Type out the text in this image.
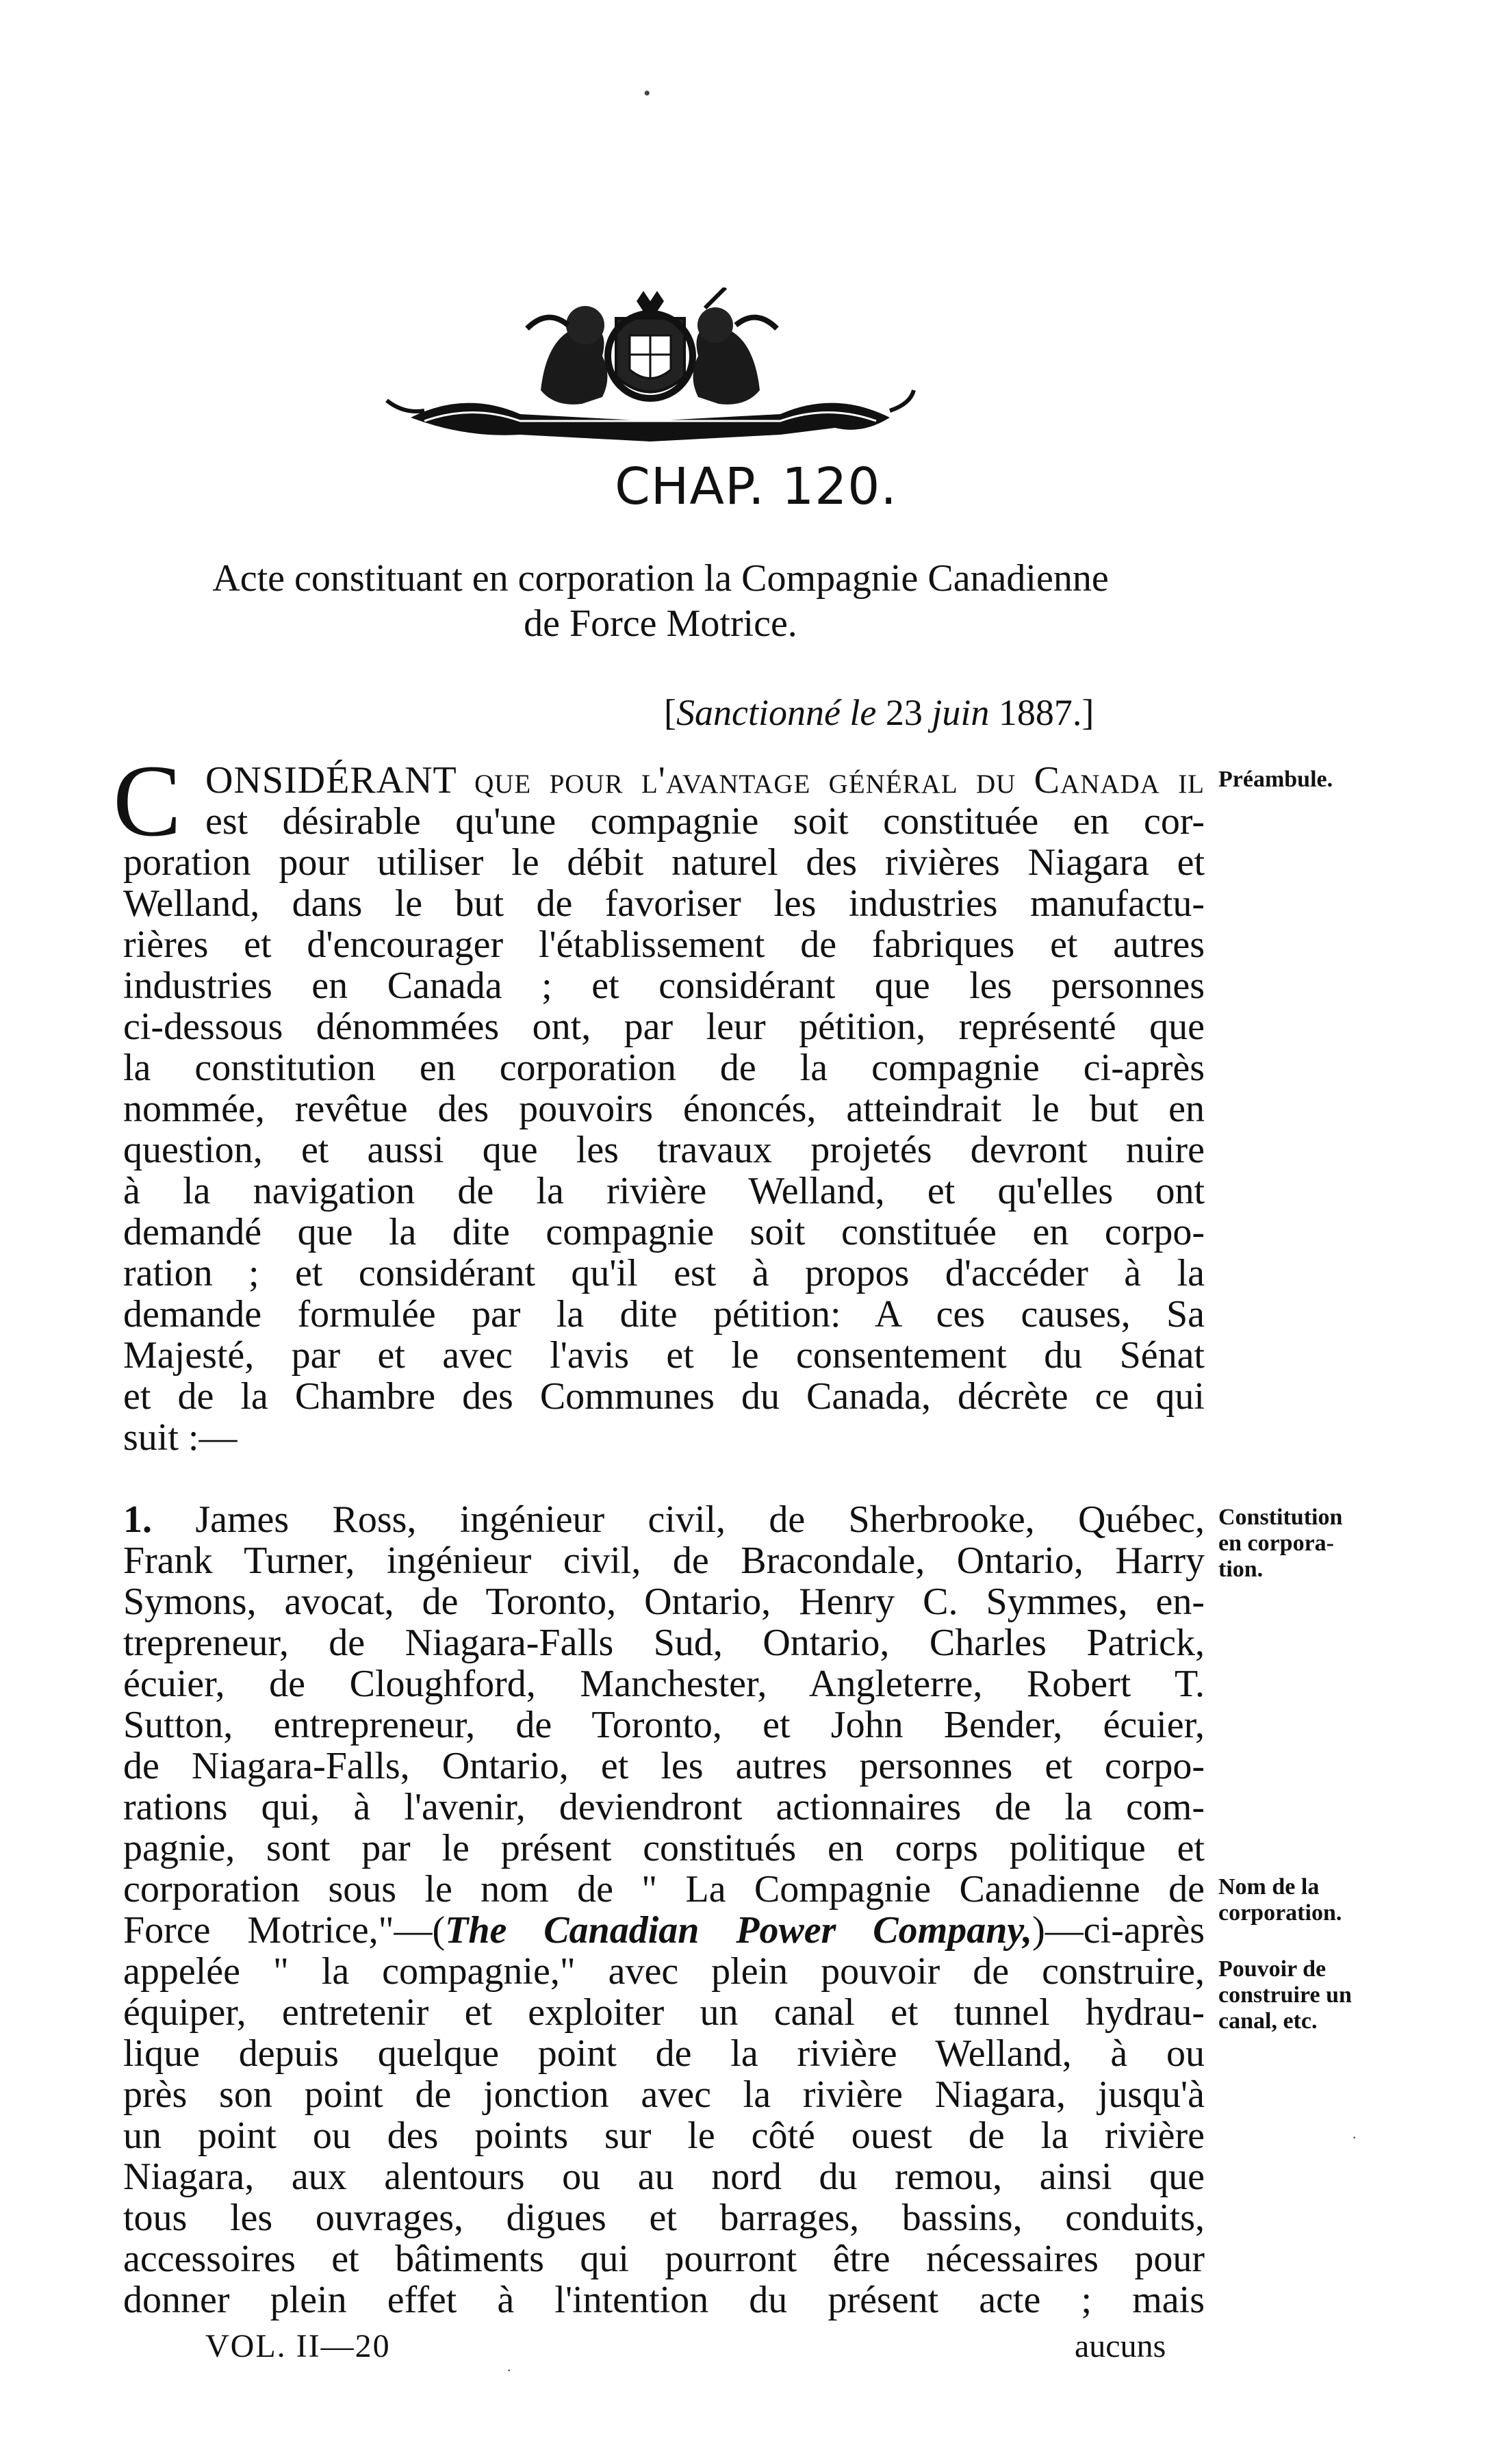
•
CHAP. 120.
Acte constituant en corporation la Compagnie Canadienne
de Force Motrice.
[Sanctionné le 23 juin 1887.]
C ONSIDÉRANT que pour l'avantage général du Canada il
est désirable qu'une compagnie soit constituée en cor-
poration pour utiliser le débit naturel des rivières Niagara et
Welland, dans le but de favoriser les industries manufactu-
rières et d'encourager l'établissement de fabriques et autres
industries en Canada ; et considérant que les personnes
ci-dessous dénommées ont, par leur pétition, représenté que
la constitution en corporation de la compagnie ci-après
nommée, revêtue des pouvoirs énoncés, atteindrait le but en
question, et aussi que les travaux projetés devront nuire
à la navigation de la rivière Welland, et qu'elles ont
demandé que la dite compagnie soit constituée en corpo-
ration ; et considérant qu'il est à propos d'accéder à la
demande formulée par la dite pétition: A ces causes, Sa
Majesté, par et avec l'avis et le consentement du Sénat
et de la Chambre des Communes du Canada, décrète ce qui
suit :—
Préambule.
1. James Ross, ingénieur civil, de Sherbrooke, Québec,
Frank Turner, ingénieur civil, de Bracondale, Ontario, Harry
Symons, avocat, de Toronto, Ontario, Henry C. Symmes, en-
trepreneur, de Niagara-Falls Sud, Ontario, Charles Patrick,
écuier, de Cloughford, Manchester, Angleterre, Robert T.
Sutton, entrepreneur, de Toronto, et John Bender, écuier,
de Niagara-Falls, Ontario, et les autres personnes et corpo-
rations qui, à l'avenir, deviendront actionnaires de la com-
pagnie, sont par le présent constitués en corps politique et
corporation sous le nom de " La Compagnie Canadienne de
Force Motrice,"—(The Canadian Power Company,)—ci-après
appelée " la compagnie," avec plein pouvoir de construire,
équiper, entretenir et exploiter un canal et tunnel hydrau-
lique depuis quelque point de la rivière Welland, à ou
près son point de jonction avec la rivière Niagara, jusqu'à
un point ou des points sur le côté ouest de la rivière
Niagara, aux alentours ou au nord du remou, ainsi que
tous les ouvrages, digues et barrages, bassins, conduits,
accessoires et bâtiments qui pourront être nécessaires pour
donner plein effet à l'intention du présent acte ; mais
Constitution
en corpora-
tion.
Nom de la
corporation.
Pouvoir de
construire un
canal, etc.
·
·
VOL. II—20	aucuns
